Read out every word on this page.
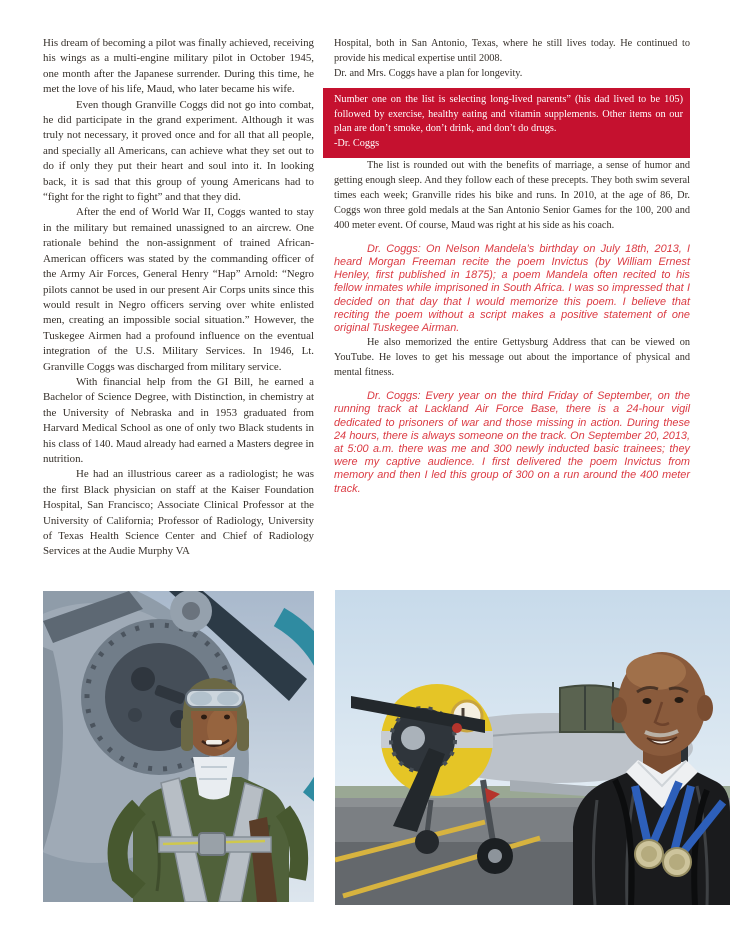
His dream of becoming a pilot was finally achieved, receiving his wings as a multi-engine military pilot in October 1945, one month after the Japanese surrender. During this time, he met the love of his life, Maud, who later became his wife.

Even though Granville Coggs did not go into combat, he did participate in the grand experiment. Although it was truly not necessary, it proved once and for all that all people, and specially all Americans, can achieve what they set out to do if only they put their heart and soul into it. In looking back, it is sad that this group of young Americans had to “fight for the right to fight” and that they did.

After the end of World War II, Coggs wanted to stay in the military but remained unassigned to an aircrew. One rationale behind the non-assignment of trained African-American officers was stated by the commanding officer of the Army Air Forces, General Henry “Hap” Arnold: “Negro pilots cannot be used in our present Air Corps units since this would result in Negro officers serving over white enlisted men, creating an impossible social situation.” However, the Tuskegee Airmen had a profound influence on the eventual integration of the U.S. Military Services. In 1946, Lt. Granville Coggs was discharged from military service.

With financial help from the GI Bill, he earned a Bachelor of Science Degree, with Distinction, in chemistry at the University of Nebraska and in 1953 graduated from Harvard Medical School as one of only two Black students in his class of 140. Maud already had earned a Masters degree in nutrition.

He had an illustrious career as a radiologist; he was the first Black physician on staff at the Kaiser Foundation Hospital, San Francisco; Associate Clinical Professor at the University of California; Professor of Radiology, University of Texas Health Science Center and Chief of Radiology Services at the Audie Murphy VA

Hospital, both in San Antonio, Texas, where he still lives today. He continued to provide his medical expertise until 2008.

Dr. and Mrs. Coggs have a plan for longevity.

Number one on the list is selecting long-lived parents” (his dad lived to be 105) followed by exercise, healthy eating and vitamin supplements. Other items on our plan are don’t smoke, don’t drink, and don’t do drugs.

-Dr. Coggs

The list is rounded out with the benefits of marriage, a sense of humor and getting enough sleep. And they follow each of these precepts. They both swim several times each week; Granville rides his bike and runs. In 2010, at the age of 86, Dr. Coggs won three gold medals at the San Antonio Senior Games for the 100, 200 and 400 meter event. Of course, Maud was right at his side as his coach.

Dr. Coggs: On Nelson Mandela’s birthday on July 18th, 2013, I heard Morgan Freeman recite the poem Invictus (by William Ernest Henley, first published in 1875); a poem Mandela often recited to his fellow inmates while imprisoned in South Africa. I was so impressed that I decided on that day that I would memorize this poem. I believe that reciting the poem without a script makes a positive statement of one original Tuskegee Airman.

He also memorized the entire Gettysburg Address that can be viewed on YouTube. He loves to get his message out about the importance of physical and mental fitness.

Dr. Coggs: Every year on the third Friday of September, on the running track at Lackland Air Force Base, there is a 24-hour vigil dedicated to prisoners of war and those missing in action. During these 24 hours, there is always someone on the track. On September 20, 2013, at 5:00 a.m. there was me and 300 newly inducted basic trainees; they were my captive audience. I first delivered the poem Invictus from memory and then I led this group of 300 on a run around the 400 meter track.
